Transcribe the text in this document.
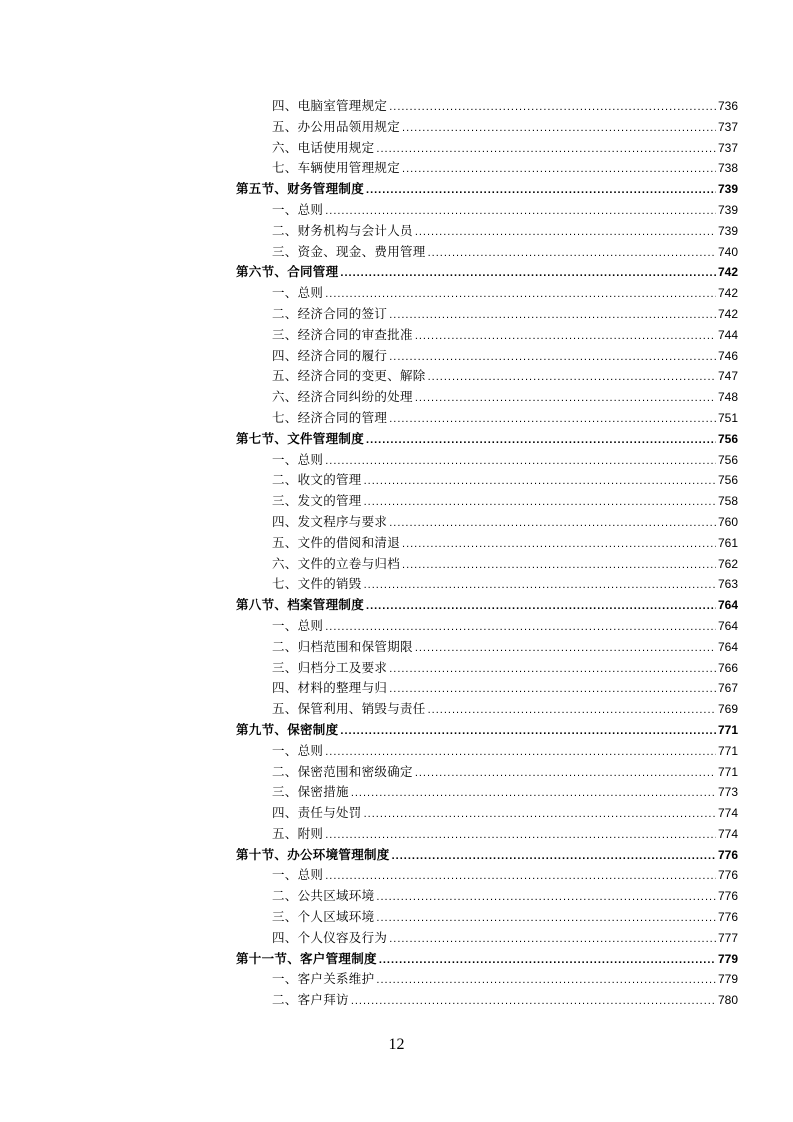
四、电脑室管理规定 .....	736
五、办公用品领用规定 .....	737
六、电话使用规定 .....	737
七、车辆使用管理规定 .....	738
第五节、财务管理制度 .....	739
一、总则 .....	739
二、财务机构与会计人员 .....	739
三、资金、现金、费用管理 .....	740
第六节、合同管理 .....	742
一、总则 .....	742
二、经济合同的签订 .....	742
三、经济合同的审查批准 .....	744
四、经济合同的履行 .....	746
五、经济合同的变更、解除 .....	747
六、经济合同纠纷的处理 .....	748
七、经济合同的管理 .....	751
第七节、文件管理制度 .....	756
一、总则 .....	756
二、收文的管理 .....	756
三、发文的管理 .....	758
四、发文程序与要求 .....	760
五、文件的借阅和清退 .....	761
六、文件的立卷与归档 .....	762
七、文件的销毁 .....	763
第八节、档案管理制度 .....	764
一、总则 .....	764
二、归档范围和保管期限 .....	764
三、归档分工及要求 .....	766
四、材料的整理与归 .....	767
五、保管利用、销毁与责任 .....	769
第九节、保密制度 .....	771
一、总则 .....	771
二、保密范围和密级确定 .....	771
三、保密措施 .....	773
四、责任与处罚 .....	774
五、附则 .....	774
第十节、办公环境管理制度 .....	776
一、总则 .....	776
二、公共区域环境 .....	776
三、个人区域环境 .....	776
四、个人仪容及行为 .....	777
第十一节、客户管理制度 .....	779
一、客户关系维护 .....	779
二、客户拜访 .....	780
12
